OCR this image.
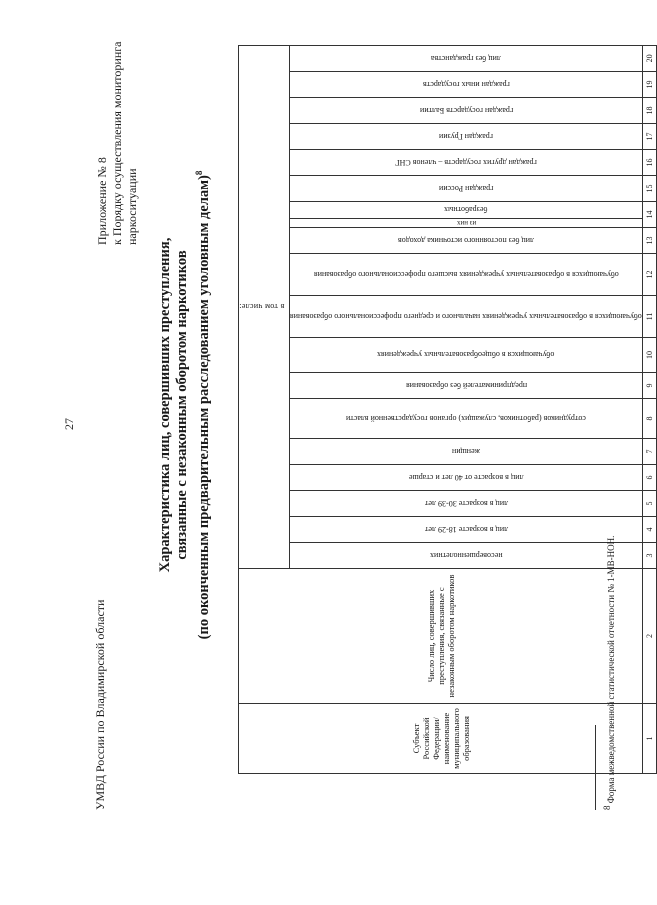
27
УМВД России по Владимирской области
Приложение № 8 к Порядку осуществления мониторинга наркоситуации
Характеристика лиц, совершивших преступления, связанные с незаконным оборотом наркотиков (по оконченным предварительным расследованием уголовным делам)$^8$
Субъект Российской Федерации/ наименование муниципального образования	Число лиц, совершивших преступления, связанные с незаконным оборотом наркотиков	в том числе:																		

		несовершеннолетних	лиц в возрасте 18-29 лет	лиц в возрасте 30-39 лет	лиц в возрасте от 40 лет и старше	женщин	сотрудников (работников, служащих) органов государственной власти	предпринимателей без образования	обучающихся в общеобразовательных учреждениях	обучающихся в образовательных учреждениях начального и среднего профессионального образования	обучающихся в образовательных учреждениях высшего профессионального образования	лиц без постоянного источника доходов	из них	безработных	граждан России	граждан других государств – членов СНГ	граждан Грузии	граждан государств Балтии	граждан иных государств	лиц без гражданства

1	2	3	4	5	6	7	8	9	10	11	12	13	14		15	16	17	18	19	20
8 Форма межведомственной статистической отчетности № 1-МВ-НОН.
